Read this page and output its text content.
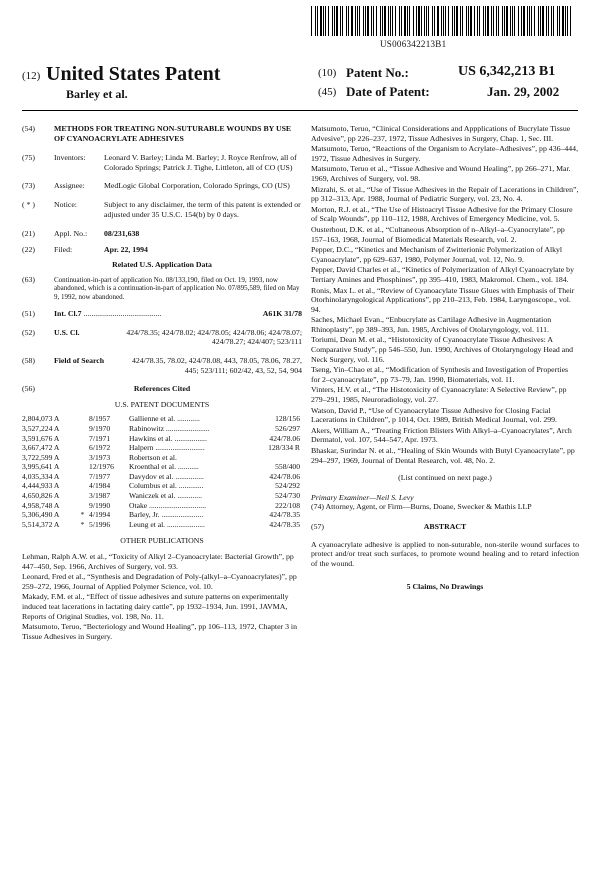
US006342213B1
(12) United States Patent
Barley et al.
(10) Patent No.:	US 6,342,213 B1
(45) Date of Patent:	Jan. 29, 2002
(54)	METHODS FOR TREATING NON-SUTURABLE WOUNDS BY USE OF CYANOACRYLATE ADHESIVES
(75)	Inventors:	Leonard V. Barley; Linda M. Barley; J. Royce Renfrow, all of Colorado Springs; Patrick J. Tighe, Littleton, all of CO (US)
(73)	Assignee:	MedLogic Global Corporation, Colorado Springs, CO (US)
( * )	Notice:	Subject to any disclaimer, the term of this patent is extended or adjusted under 35 U.S.C. 154(b) by 0 days.
(21)	Appl. No.:	08/231,638
(22)	Filed:	Apr. 22, 1994
Related U.S. Application Data
(63)	Continuation-in-part of application No. 08/133,190, filed on Oct. 19, 1993, now abandoned, which is a continuation-in-part of application No. 07/895,589, filed on May 9, 1992, now abandoned.
(51)	Int. Cl.7 ........................................	A61K 31/78
(52)	U.S. Cl.	424/78.35; 424/78.02; 424/78.05; 424/78.06; 424/78.07; 424/78.27; 424/407; 523/111
(58)	Field of Search	424/78.35, 78.02, 424/78.08, 443, 78.05, 78.06, 78.27, 445; 523/111; 602/42, 43, 52, 54, 904
(56)	References Cited
U.S. PATENT DOCUMENTS
2,804,073 A		8/1957	Gallienne et al. ............	128/156
3,527,224 A		9/1970	Rabinowitz .......................	526/297
3,591,676 A		7/1971	Hawkins et al. .................	424/78.06
3,667,472 A		6/1972	Halpern ..........................	128/334 R
3,722,599 A		3/1973	Robertson et al.	
3,995,641 A		12/1976	Kroenthal et al. ...........	558/400
4,035,334 A		7/1977	Davydov et al. ...............	424/78.06
4,444,933 A		4/1984	Columbus et al. .............	524/292
4,650,826 A		3/1987	Waniczek et al. .............	524/730
4,958,748 A		9/1990	Otake ..............................	222/108
5,306,490 A	*	4/1994	Barley, Jr. ......................	424/78.35
5,514,372 A	*	5/1996	Leung et al. ....................	424/78.35
OTHER PUBLICATIONS
Lehman, Ralph A.W. et al., “Toxicity of Alkyl 2–Cyanoacrylate: Bacterial Growth”, pp 447–450, Sep. 1966, Archives of Surgery, vol. 93.
Leonard, Fred et al., “Synthesis and Degradation of Poly-(alkyl–a–Cyanoacrylates)”, pp 259–272, 1966, Journal of Applied Polymer Science, vol. 10.
Makady, F.M. et al., “Effect of tissue adhesives and suture patterns on experimentally induced teat lacerations in lactating dairy cattle”, pp 1932–1934, Jun. 1991, JAVMA, Reports of Original Studies, vol. 198, No. 11.
Matsumoto, Teruo, “Becteriology and Wound Healing”, pp 106–113, 1972, Chapter 3 in Tissue Adhesives in Surgery.
Matsumoto, Teruo, “Clinical Considerations and Appplications of Bucrylate Tissue Advesive”, pp 226–237, 1972, Tissue Adhesives in Surgery, Chap. 1, Sec. III.
Matsumoto, Teruo, “Reactions of the Organism to Acrylate–Adhesives”, pp 436–444, 1972, Tissue Adhesives in Surgery.
Matsumoto, Teruo et al., “Tissue Adhesive and Wound Healing”, pp 266–271, Mar. 1969, Archives of Surgery, vol. 98.
Mizrahi, S. et al., “Use of Tissue Adhesives in the Repair of Lacerations in Children”, pp 312–313, Apr. 1988, Journal of Pediatric Surgery, vol. 23, No. 4.
Morton, R.J. et al., “The Use of Histoacryl Tissue Adhesive for the Primary Closure of Scalp Wounds”, pp 110–112, 1988, Archives of Emergency Medicine, vol. 5.
Ousterhout, D.K. et al., “Cultaneous Absorption of n–Alkyl–a–Cyanocrylate”, pp 157–163, 1968, Journal of Biomedical Materials Research, vol. 2.
Pepper, D.C., “Kinetics and Mechanism of Zwitterionic Polymerization of Alkyl Cyanoacrylate”, pp 629–637, 1980, Polymer Journal, vol. 12, No. 9.
Pepper, David Charles et al., “Kinetics of Polymerization of Alkyl Cyanoacrylate by Tertiary Amines and Phosphines”, pp 395–410, 1983, Makromol. Chem., vol. 184.
Ronis, Max L. et al., “Review of Cyanoacylate Tissue Glues with Emphasis of Their Otorhinolaryngological Applications”, pp 210–213, Feb. 1984, Laryngoscope., vol. 94.
Saches, Michael Evan., “Enbucrylate as Cartilage Adhesive in Augmentation Rhinoplasty”, pp 389–393, Jun. 1985, Archives of Otolaryngology, vol. 111.
Toriumi, Dean M. et al., “Histotoxicity of Cyanoacrylate Tissue Adhesives: A Comparative Study”, pp 546–550, Jun. 1990, Archives of Otolaryngology Head and Neck Surgery, vol. 116.
Tseng, Yin–Chao et al., “Modification of Synthesis and Investigation of Properties for 2–cyanoacrylate”, pp 73–79, Jan. 1990, Biomaterials, vol. 11.
Vinters, H.V. et al., “The Histotoxicity of Cyanoacrylate: A Selective Review”, pp 279–291, 1985, Neuroradiology, vol. 27.
Watson, David P., “Use of Cyanoacrylate Tissue Adhesive for Closing Facial Lacerations in Children”, p 1014, Oct. 1989, British Medical Journal, vol. 299.
Akers, William A., “Treating Friction Blisters With Alkyl–a–Cyanoacrylates”, Arch Dermatol, vol. 107, 544–547, Apr. 1973.
Bhaskar, Surindar N. et al., “Healing of Skin Wounds with Butyl Cyanoacrylate”, pp 294–297, 1969, Journal of Dental Research, vol. 48, No. 2.
(List continued on next page.)
Primary Examiner—Neil S. Levy
(74) Attorney, Agent, or Firm—Burns, Doane, Swecker & Mathis LLP
(57)	ABSTRACT
A cyanoacrylate adhesive is applied to non-suturable, non-sterile wound surfaces to protect and/or treat such surfaces, to promote wound healing and to retard infection of the wound.
5 Claims, No Drawings
